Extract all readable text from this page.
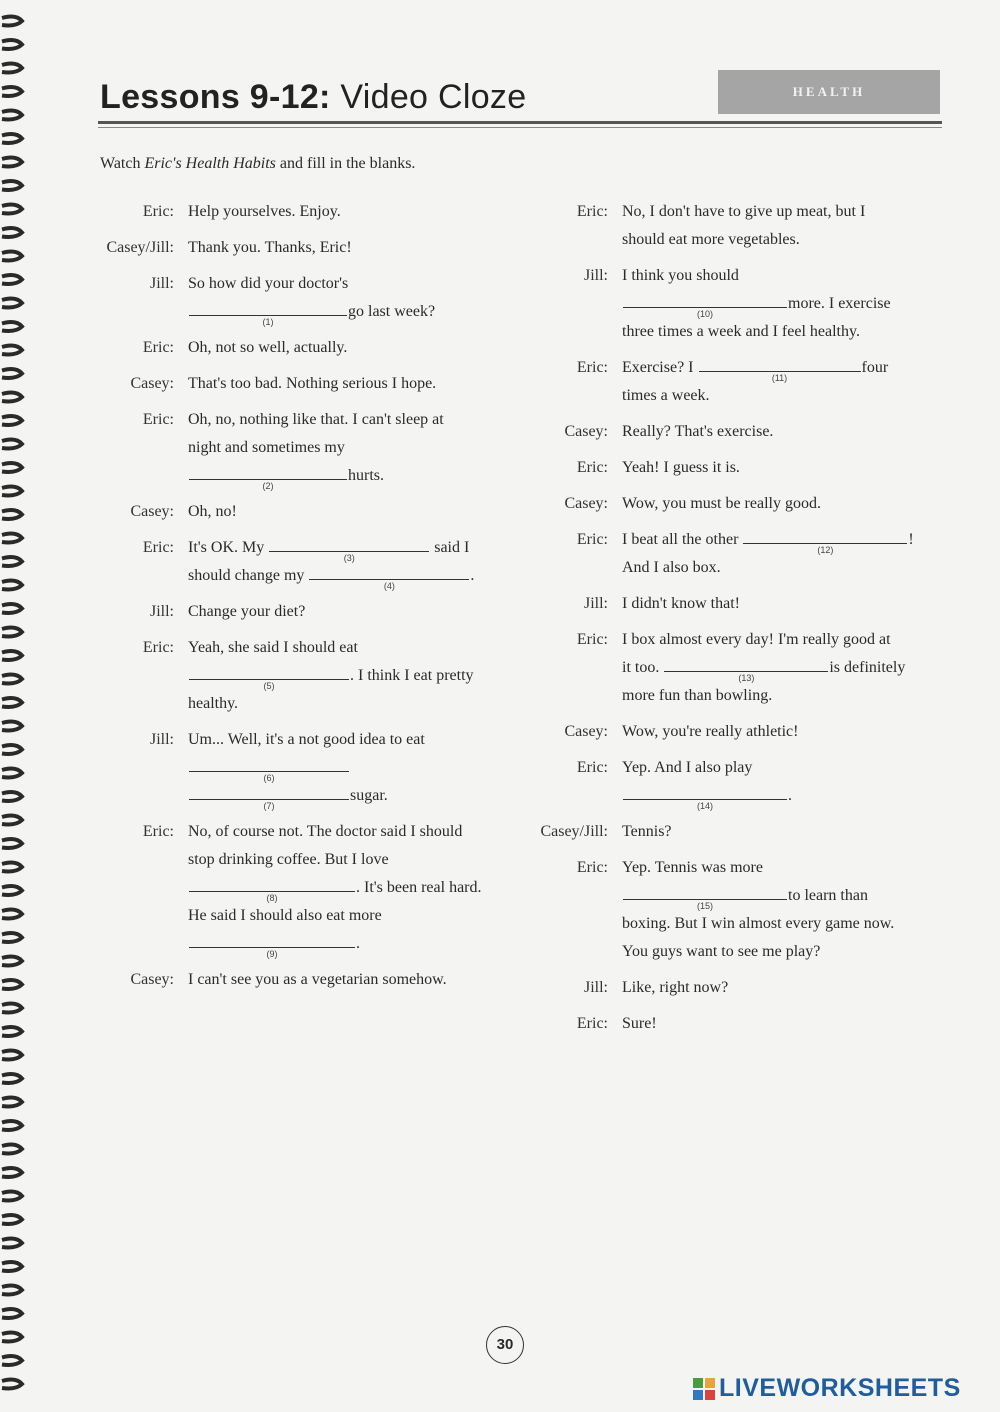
Lessons 9-12: Video Cloze	HEALTH
Watch Eric's Health Habits and fill in the blanks.
Eric: Help yourselves. Enjoy.
Casey/Jill: Thank you. Thanks, Eric!
Jill: So how did your doctor's
(1)
go last week?
Eric: Oh, not so well, actually.
Casey: That's too bad. Nothing serious I hope.
Eric: Oh, no, nothing like that. I can't sleep at
night and sometimes my
(2)
hurts.
Casey: Oh, no!
Eric: It's OK. My
(3)
said I
should change my
(4)
.
Jill: Change your diet?
Eric: Yeah, she said I should eat
(5)
. I think I eat pretty
healthy.
Jill: Um... Well, it's a not good idea to eat
(6)
(7)
sugar.
Eric: No, of course not. The doctor said I should
stop drinking coffee. But I love
(8)
. It's been real hard.
He said I should also eat more
(9)
.
Casey: I can't see you as a vegetarian somehow.
Eric: No, I don't have to give up meat, but I
should eat more vegetables.
Jill: I think you should
(10)
more. I exercise
three times a week and I feel healthy.
Eric: Exercise? I
(11)
four
times a week.
Casey: Really? That's exercise.
Eric: Yeah! I guess it is.
Casey: Wow, you must be really good.
Eric: I beat all the other
(12)
!
And I also box.
Jill: I didn't know that!
Eric: I box almost every day! I'm really good at
it too.
(13)
is definitely
more fun than bowling.
Casey: Wow, you're really athletic!
Eric: Yep. And I also play
(14)
.
Casey/Jill: Tennis?
Eric: Yep. Tennis was more
(15)
to learn than
boxing. But I win almost every game now.
You guys want to see me play?
Jill: Like, right now?
Eric: Sure!
30
LIVEWORKSHEETS
